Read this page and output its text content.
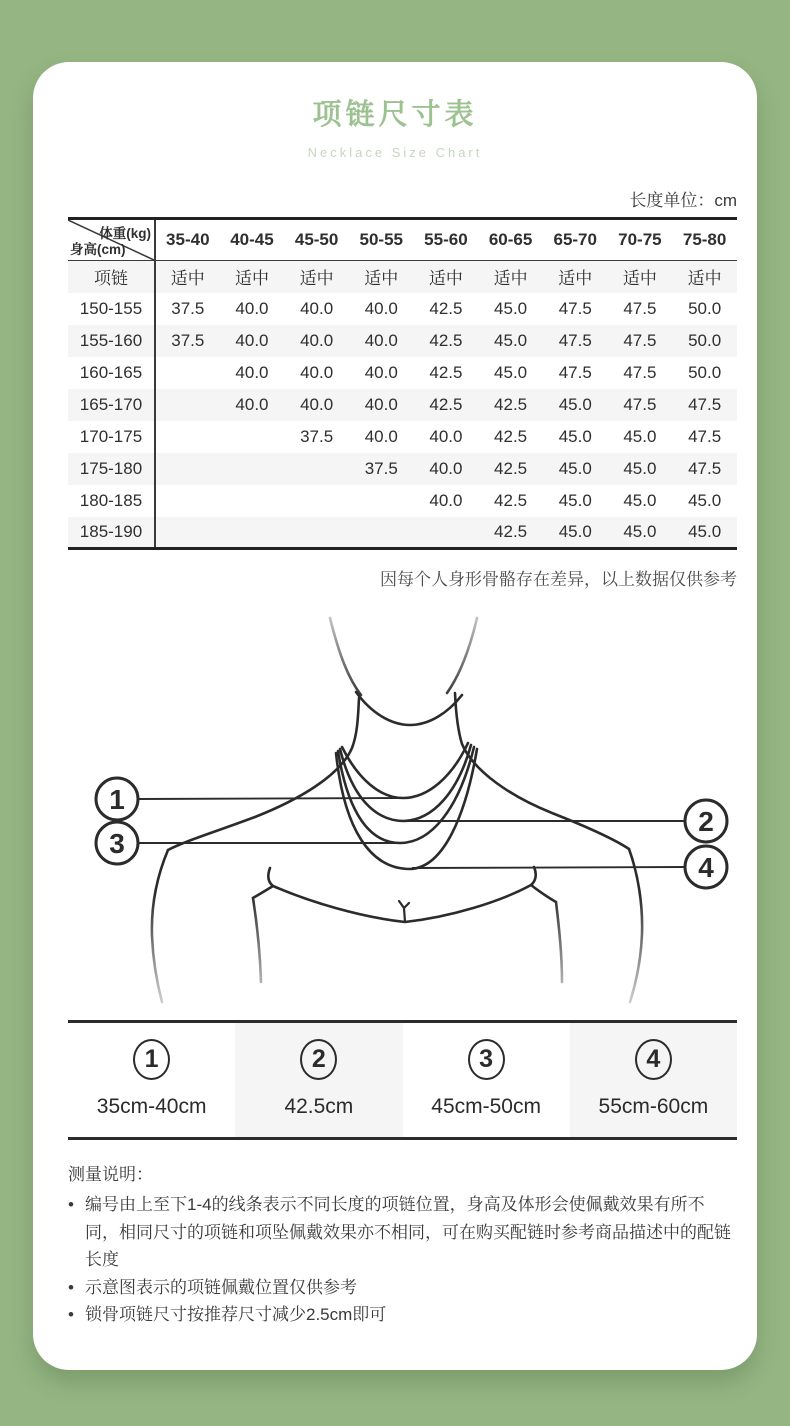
项链尺寸表
Necklace Size Chart
长度单位：cm
体重(kg)
身高(cm)	35-40	40-45	45-50	50-55	55-60	60-65	65-70	70-75	75-80
项链	适中	适中	适中	适中	适中	适中	适中	适中	适中
150-155	37.5	40.0	40.0	40.0	42.5	45.0	47.5	47.5	50.0
155-160	37.5	40.0	40.0	40.0	42.5	45.0	47.5	47.5	50.0
160-165		40.0	40.0	40.0	42.5	45.0	47.5	47.5	50.0
165-170		40.0	40.0	40.0	42.5	42.5	45.0	47.5	47.5
170-175			37.5	40.0	40.0	42.5	45.0	45.0	47.5
175-180				37.5	40.0	42.5	45.0	45.0	47.5
180-185					40.0	42.5	45.0	45.0	45.0
185-190						42.5	45.0	45.0	45.0
因每个人身形骨骼存在差异，以上数据仅供参考
1
3
2
4
1
35cm-40cm
2
42.5cm
3
45cm-50cm
4
55cm-60cm
测量说明：
• 编号由上至下1-4的线条表示不同长度的项链位置，身高及体形会使佩戴效果有所不同，相同尺寸的项链和项坠佩戴效果亦不相同，可在购买配链时参考商品描述中的配链长度
• 示意图表示的项链佩戴位置仅供参考
• 锁骨项链尺寸按推荐尺寸减少2.5cm即可
